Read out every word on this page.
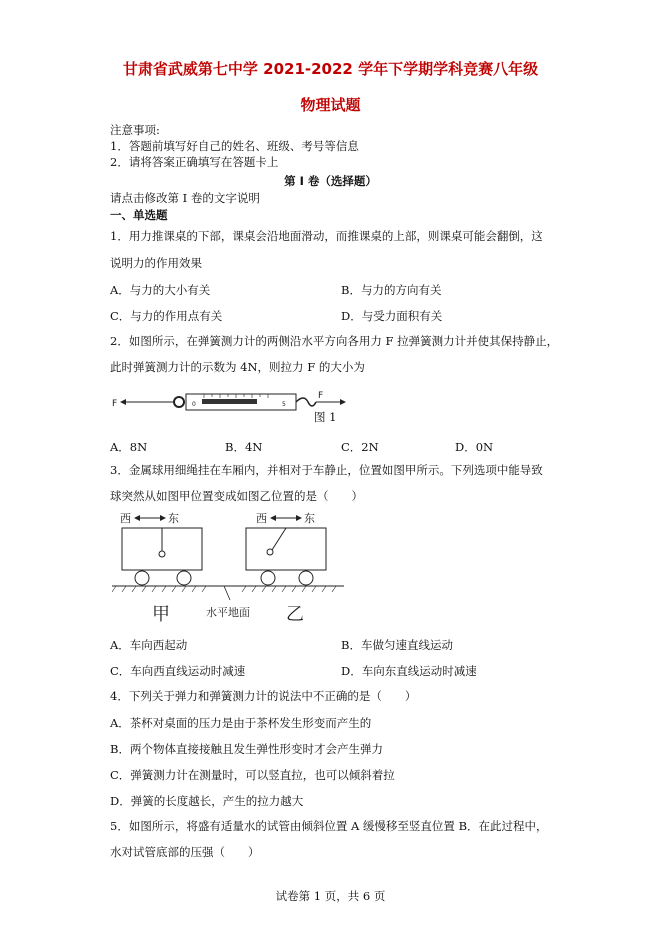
甘肃省武威第七中学 2021-2022 学年下学期学科竞赛八年级
物理试题
注意事项:
1．答题前填写好自己的姓名、班级、考号等信息
2．请将答案正确填写在答题卡上
第 I 卷（选择题）
请点击修改第 I 卷的文字说明
一、单选题
1．用力推课桌的下部，课桌会沿地面滑动，而推课桌的上部，则课桌可能会翻倒，这
说明力的作用效果
A．与力的大小有关	B．与力的方向有关
C．与力的作用点有关	D．与受力面积有关
2．如图所示，在弹簧测力计的两侧沿水平方向各用力 F 拉弹簧测力计并使其保持静止，
此时弹簧测力计的示数为 4N，则拉力 F 的大小为
F	0	5
F
图 1
A．8N	B．4N	C．2N	D．0N
3．金属球用细绳挂在车厢内，并相对于车静止，位置如图甲所示。下列选项中能导致
球突然从如图甲位置变成如图乙位置的是（　　）
西	东	西	东
水平地面
甲	乙
A．车向西起动	B．车做匀速直线运动
C．车向西直线运动时减速	D．车向东直线运动时减速
4．下列关于弹力和弹簧测力计的说法中不正确的是（　　）
A．茶杯对桌面的压力是由于茶杯发生形变而产生的
B．两个物体直接接触且发生弹性形变时才会产生弹力
C．弹簧测力计在测量时，可以竖直拉，也可以倾斜着拉
D．弹簧的长度越长，产生的拉力越大
5．如图所示，将盛有适量水的试管由倾斜位置 A 缓慢移至竖直位置 B．在此过程中，
水对试管底部的压强（　　）
试卷第 1 页，共 6 页
